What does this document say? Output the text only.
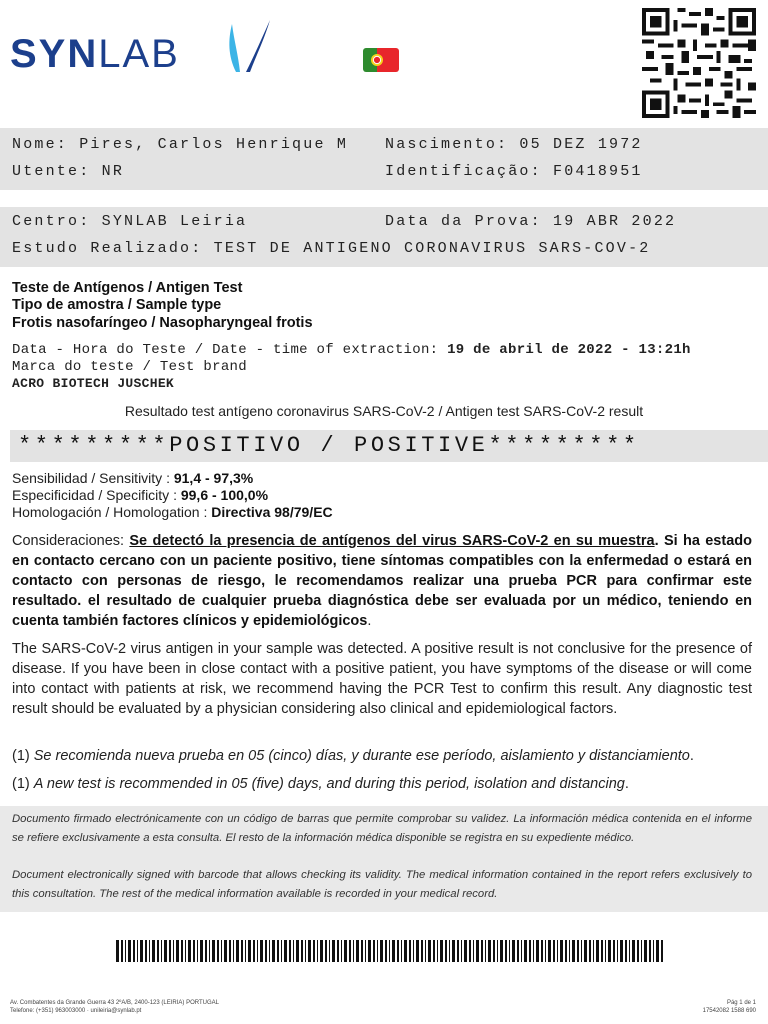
SYNLAB
Nome: Pires, Carlos Henrique M Nascimento: 05 DEZ 1972
Utente: NR	Identificação: F0418951
Centro: SYNLAB Leiria	Data da Prova: 19 ABR 2022
Estudo Realizado: TEST DE ANTIGENO CORONAVIRUS SARS-COV-2
Teste de Antígenos / Antigen Test
Tipo de amostra / Sample type
Frotis nasofaríngeo / Nasopharyngeal frotis
Data - Hora do Teste / Date - time of extraction: 19 de abril de 2022 - 13:21h
Marca do teste / Test brand
ACRO BIOTECH JUSCHEK
Resultado test antígeno coronavirus SARS-CoV-2 / Antigen test SARS-CoV-2 result
*********POSITIVO / POSITIVE*********
Sensibilidad / Sensitivity : 91,4 - 97,3%
Especificidad / Specificity : 99,6 - 100,0%
Homologación / Homologation : Directiva 98/79/EC
Consideraciones: Se detectó la presencia de antígenos del virus SARS-CoV-2 en su muestra. Si ha estado en contacto cercano con un paciente positivo, tiene síntomas compatibles con la enfermedad o estará en contacto con personas de riesgo, le recomendamos realizar una prueba PCR para confirmar este resultado. el resultado de cualquier prueba diagnóstica debe ser evaluada por un médico, teniendo en cuenta también factores clínicos y epidemiológicos.
The SARS-CoV-2 virus antigen in your sample was detected. A positive result is not conclusive for the presence of disease. If you have been in close contact with a positive patient, you have symptoms of the disease or will come into contact with patients at risk, we recommend having the PCR Test to confirm this result. Any diagnostic test result should be evaluated by a physician considering also clinical and epidemiological factors.
(1) Se recomienda nueva prueba en 05 (cinco) días, y durante ese período, aislamiento y distanciamiento.
(1) A new test is recommended in 05 (five) days, and during this period, isolation and distancing.
Documento firmado electrónicamente con un código de barras que permite comprobar su validez. La información médica contenida en el informe se refiere exclusivamente a esta consulta. El resto de la información médica disponible se registra en su expediente médico.
Document electronically signed with barcode that allows checking its validity. The medical information contained in the report refers exclusively to this consultation. The rest of the medical information available is recorded in your medical record.
Av. Combatentes da Grande Guerra 43 2ºA/B, 2400-123 (LEIRIA) PORTUGAL
Telefone: (+351) 963003000 · unileiria@synlab.pt
Pág 1 de 1
17542082 1588 690
